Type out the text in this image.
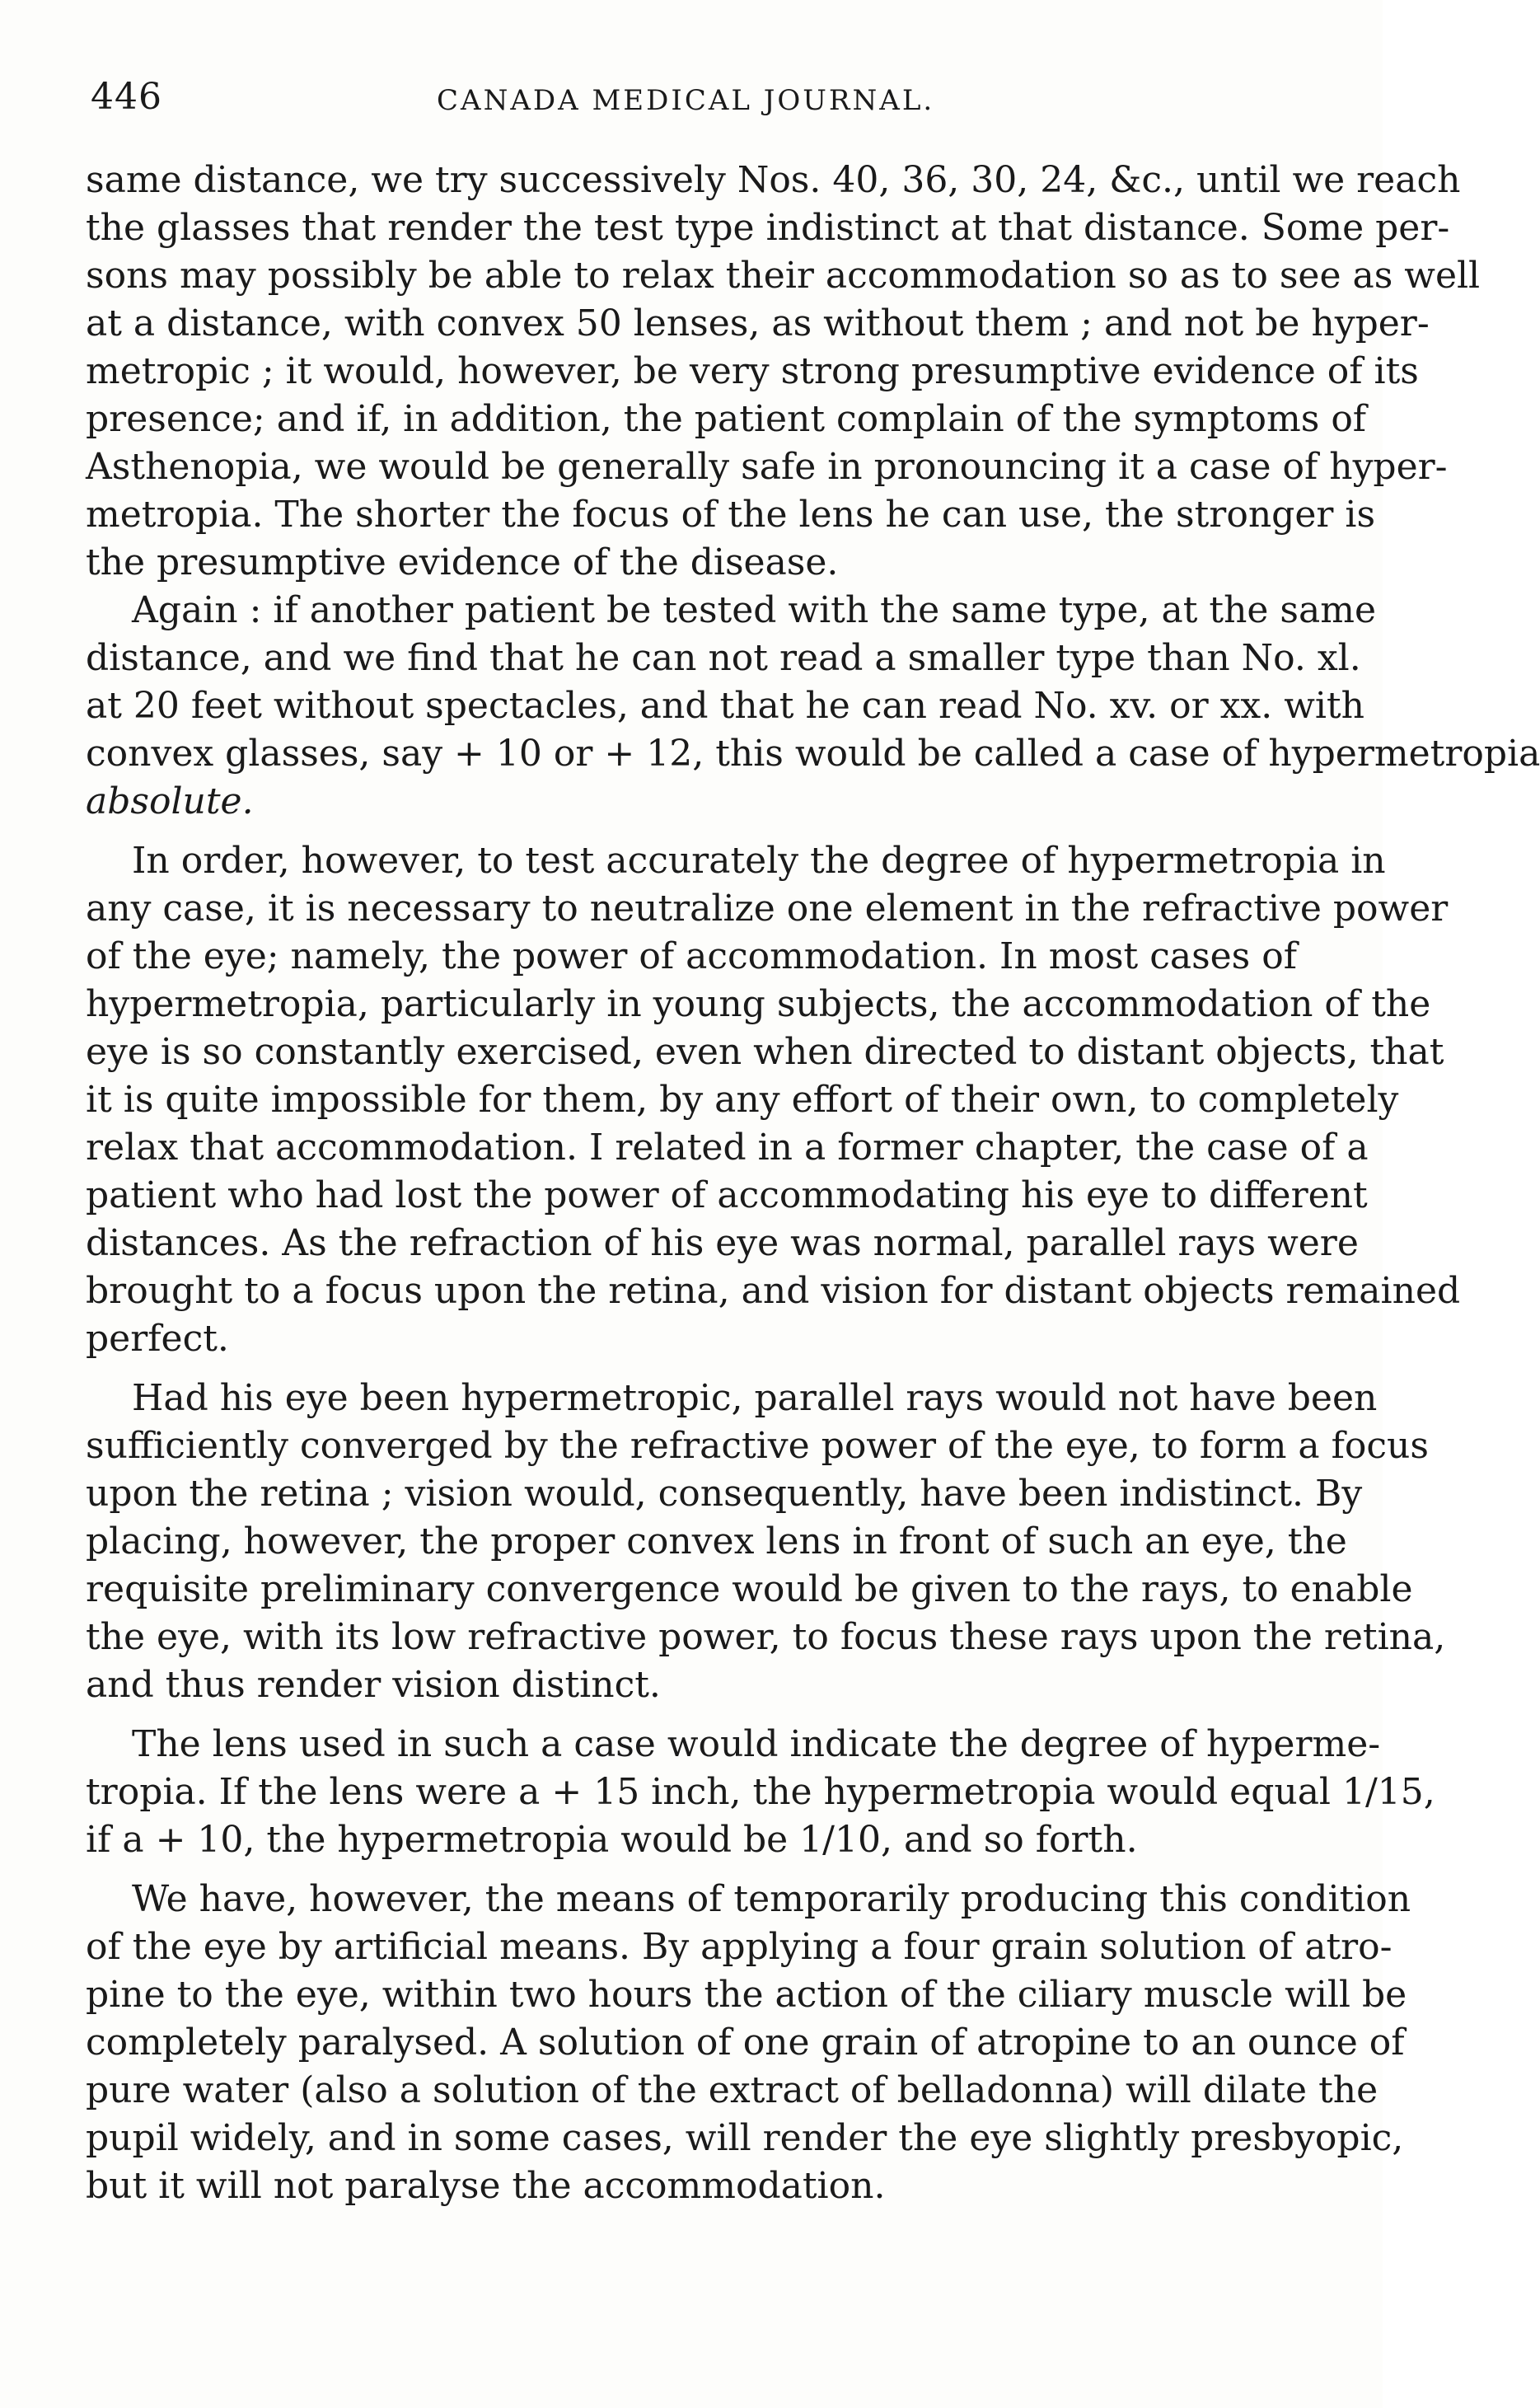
446	CANADA MEDICAL JOURNAL.
same distance, we try successively Nos. 40, 36, 30, 24, &c., until we reach
the glasses that render the test type indistinct at that distance. Some per-
sons may possibly be able to relax their accommodation so as to see as well
at a distance, with convex 50 lenses, as without them ; and not be hyper-
metropic ; it would, however, be very strong presumptive evidence of its
presence; and if, in addition, the patient complain of the symptoms of
Asthenopia, we would be generally safe in pronouncing it a case of hyper-
metropia. The shorter the focus of the lens he can use, the stronger is
the presumptive evidence of the disease.
Again : if another patient be tested with the same type, at the same
distance, and we find that he can not read a smaller type than No. xl.
at 20 feet without spectacles, and that he can read No. xv. or xx. with
convex glasses, say + 10 or + 12, this would be called a case of hypermetropia
absolute.
In order, however, to test accurately the degree of hypermetropia in
any case, it is necessary to neutralize one element in the refractive power
of the eye; namely, the power of accommodation. In most cases of
hypermetropia, particularly in young subjects, the accommodation of the
eye is so constantly exercised, even when directed to distant objects, that
it is quite impossible for them, by any effort of their own, to completely
relax that accommodation. I related in a former chapter, the case of a
patient who had lost the power of accommodating his eye to different
distances. As the refraction of his eye was normal, parallel rays were
brought to a focus upon the retina, and vision for distant objects remained
perfect.
Had his eye been hypermetropic, parallel rays would not have been
sufficiently converged by the refractive power of the eye, to form a focus
upon the retina ; vision would, consequently, have been indistinct. By
placing, however, the proper convex lens in front of such an eye, the
requisite preliminary convergence would be given to the rays, to enable
the eye, with its low refractive power, to focus these rays upon the retina,
and thus render vision distinct.
The lens used in such a case would indicate the degree of hyperme-
tropia. If the lens were a + 15 inch, the hypermetropia would equal 1/15,
if a + 10, the hypermetropia would be 1/10, and so forth.
We have, however, the means of temporarily producing this condition
of the eye by artificial means. By applying a four grain solution of atro-
pine to the eye, within two hours the action of the ciliary muscle will be
completely paralysed. A solution of one grain of atropine to an ounce of
pure water (also a solution of the extract of belladonna) will dilate the
pupil widely, and in some cases, will render the eye slightly presbyopic,
but it will not paralyse the accommodation.
